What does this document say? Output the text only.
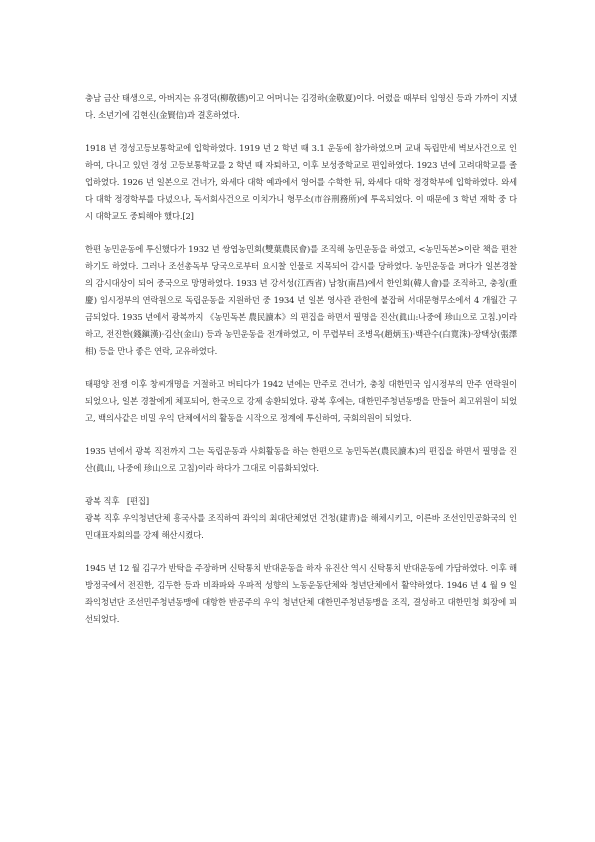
충남 금산 태생으로, 아버지는 유경덕(柳敬德)이고 어머니는 김경하(金敬夏)이다. 어렸을 때부터 임영신 등과 가까이 지냈다. 소년기에 김현신(金賢信)과 결혼하였다.

1918 년 경성고등보통학교에 입학하였다. 1919 년 2 학년 때 3.1 운동에 참가하였으며 교내 독립만세 벽보사건으로 인하여, 다니고 있던 경성 고등보통학교를 2 학년 때 자퇴하고, 이후 보성중학교로 편입하였다. 1923 년에 고려대학교를 졸업하였다. 1926 년 일본으로 건너가, 와세다 대학 예과에서 영어를 수학한 뒤, 와세다 대학 정경학부에 입학하였다. 와세다 대학 정경학부를 다녔으나, 독서회사건으로 이치가니 형무소(市谷刑務所)에 투옥되었다. 이 때문에 3 학년 재학 중 다시 대학교도 중퇴해야 했다.[2]

한편 농민운동에 투신했다가 1932 년 쌍엽농민회(雙葉農民會)를 조직해 농민운동을 하였고, <농민독본>이란 책을 편찬하기도 하였다. 그러나 조선총독부 당국으로부터 요시찰 인물로 지목되어 감시를 당하였다. 농민운동을 펴다가 일본경찰의 감시대상이 되어 중국으로 망명하였다. 1933 년 강서성(江西省) 남창(南昌)에서 한인회(韓人會)를 조직하고, 충칭(重慶) 임시정부의 연락원으로 독립운동을 지원하던 중 1934 년 일본 영사관 관헌에 붙잡혀 서대문형무소에서 4 개월간 구금되었다. 1935 년에서 광복까지 《농민독본 農民讀本》의 편집을 하면서 필명을 진산(眞山:나중에 珍山으로 고침.)이라 하고, 전진한(錢鎭漢)·김산(金山) 등과 농민운동을 전개하였고, 이 무렵부터 조병옥(趙炳玉)·백관수(白寬洙)·장택상(張澤相) 등을 만나 좋은 연락, 교유하였다.

태평양 전쟁 이후 창씨개명을 거절하고 버티다가 1942 년에는 만주로 건너가, 충칭 대한민국 임시정부의 만주 연락원이 되었으나, 일본 경찰에게 체포되어, 한국으로 강제 송환되었다. 광복 후에는, 대한민주청년동맹을 만들어 최고위원이 되었고, 백의사같은 비밀 우익 단체에서의 활동을 시작으로 정계에 투신하여, 국회의원이 되었다.

1935 년에서 광복 직전까지 그는 독립운동과 사회활동을 하는 한편으로 농민독본(農民讀本)의 편집을 하면서 필명을 진산(眞山, 나중에 珍山으로 고침)이라 하다가 그대로 이름화되었다.

광복 직후 [편집]

광복 직후 우익청년단체 흥국사를 조직하여 좌익의 최대단체였던 건청(建靑)을 해체시키고, 이른바 조선인민공화국의 인민대표자회의를 강제 해산시켰다.

1945 년 12 월 김구가 반탁을 주장하며 신탁통치 반대운동을 하자 유진산 역시 신탁통치 반대운동에 가담하였다. 이후 해방정국에서 전진한, 김두한 등과 비좌파와 우파적 성향의 노동운동단체와 청년단체에서 활약하였다. 1946 년 4 월 9 일 좌익청년단 조선민주청년동맹에 대항한 반공주의 우익 청년단체 대한민주청년동맹을 조직, 결성하고 대한민청 회장에 피선되었다.
